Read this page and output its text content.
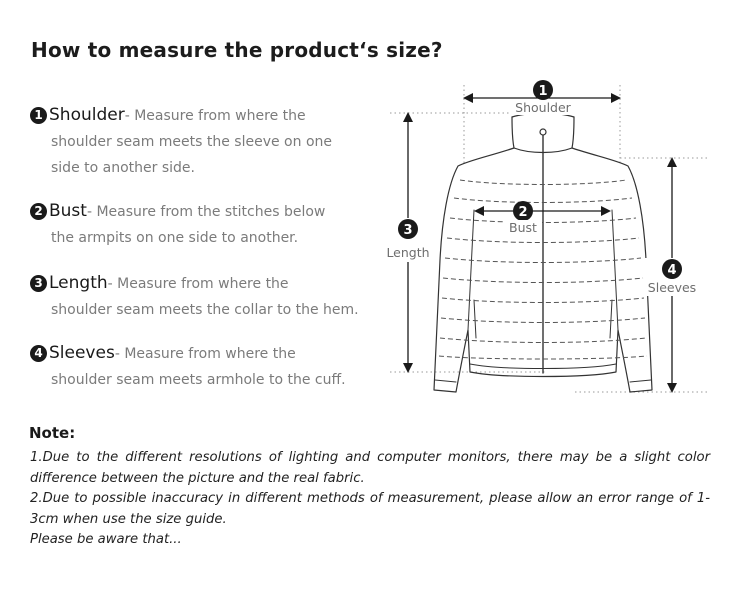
How to measure the product‘s size?
1 Shoulder- Measure from where the
shoulder seam meets the sleeve on one
side to another side.
2 Bust- Measure from the stitches below
the armpits on one side to another.
3 Length- Measure from where the
shoulder seam meets the collar to the hem.
4 Sleeves- Measure from where the
shoulder seam meets armhole to the cuff.
1
Shoulder
2
Bust
3
Length
4
Sleeves
Note:

1.Due to the different resolutions of lighting and computer monitors, there may be a slight color difference between the picture and the real fabric.

2.Due to possible inaccuracy in different methods of measurement, please allow an error range of 1-3cm when use the size guide.

Please be aware that...
